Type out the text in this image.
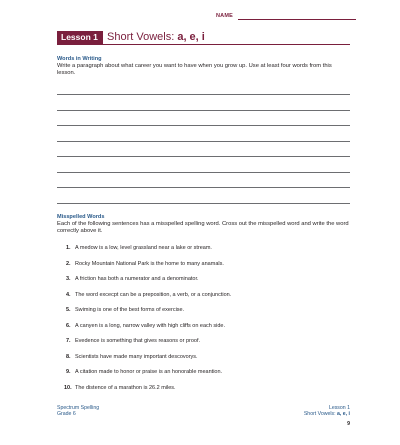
NAME
Lesson 1 Short Vowels: a, e, i
Words in Writing
Write a paragraph about what career you want to have when you grow up. Use at least four words from this lesson.
Misspelled Words
Each of the following sentences has a misspelled spelling word. Cross out the misspelled word and write the word correctly above it.
1. A medow is a low, level grassland near a lake or stream.
2. Rocky Mountain National Park is the home to many anamals.
3. A friction has both a numerator and a denominator.
4. The word excecpt can be a preposition, a verb, or a conjunction.
5. Swiming is one of the best forms of exercise.
6. A canyen is a long, narrow valley with high cliffs on each side.
7. Evedence is something that gives reasons or proof.
8. Scientists have made many important descovorys.
9. A citation made to honor or praise is an honorable meantion.
10. The distence of a marathon is 26.2 miles.
Spectrum Spelling
Grade 6
Lesson 1
Short Vowels: a, e, i
9
